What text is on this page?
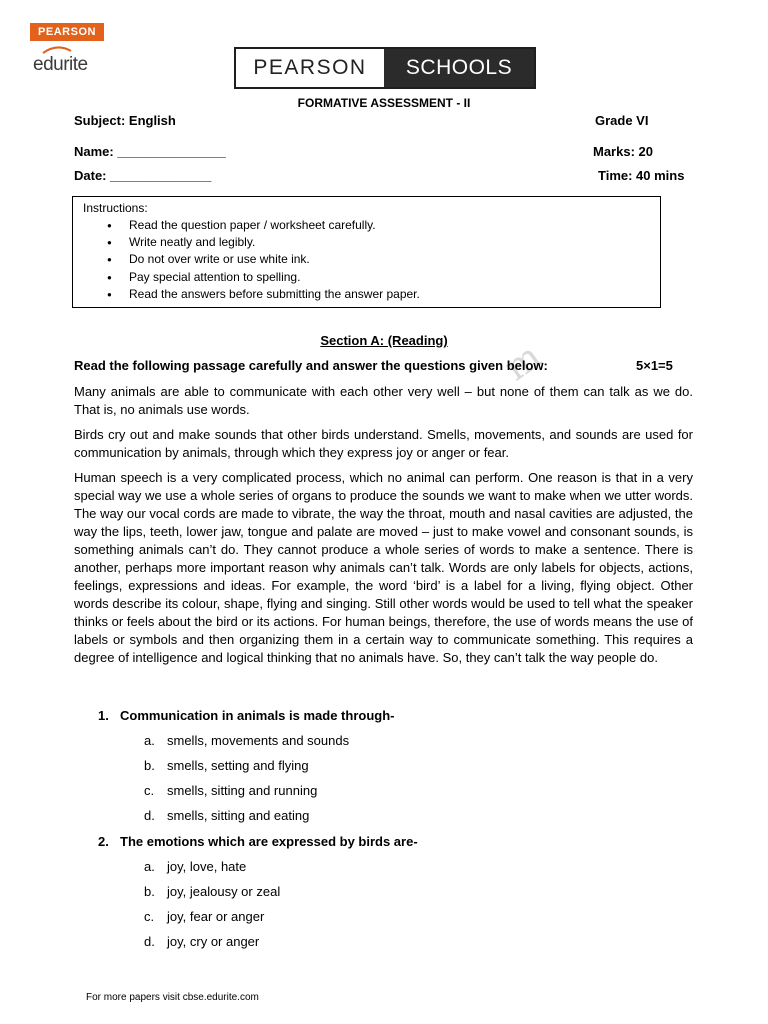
PEARSON
edurite	PEARSON	SCHOOLS
FORMATIVE ASSESSMENT - II
Subject: English	Grade VI
Name: _______________	Marks: 20
Date: ______________	Time: 40 mins
Instructions:
● Read the question paper / worksheet carefully.
● Write neatly and legibly.
● Do not over write or use white ink.
● Pay special attention to spelling.
● Read the answers before submitting the answer paper.
Section A: (Reading)	m
Read the following passage carefully and answer the questions given below:	5×1=5
Many animals are able to communicate with each other very well – but none of them can talk as we do. That is, no animals use words.
Birds cry out and make sounds that other birds understand. Smells, movements, and sounds are used for communication by animals, through which they express joy or anger or fear.
Human speech is a very complicated process, which no animal can perform. One reason is that in a very special way we use a whole series of organs to produce the sounds we want to make when we utter words. The way our vocal cords are made to vibrate, the way the throat, mouth and nasal cavities are adjusted, the way the lips, teeth, lower jaw, tongue and palate are moved – just to make vowel and consonant sounds, is something animals can’t do. They cannot produce a whole series of words to make a sentence. There is another, perhaps more important reason why animals can’t talk. Words are only labels for objects, actions, feelings, expressions and ideas. For example, the word ‘bird’ is a label for a living, flying object. Other words describe its colour, shape, flying and singing. Still other words would be used to tell what the speaker thinks or feels about the bird or its actions. For human beings, therefore, the use of words means the use of labels or symbols and then organizing them in a certain way to communicate something. This requires a degree of intelligence and logical thinking that no animals have. So, they can’t talk the way people do.
1. Communication in animals is made through-
a. smells, movements and sounds
b. smells, setting and flying
c. smells, sitting and running
d. smells, sitting and eating
2. The emotions which are expressed by birds are-
a. joy, love, hate
b. joy, jealousy or zeal
c. joy, fear or anger
d. joy, cry or anger
For more papers visit cbse.edurite.com
